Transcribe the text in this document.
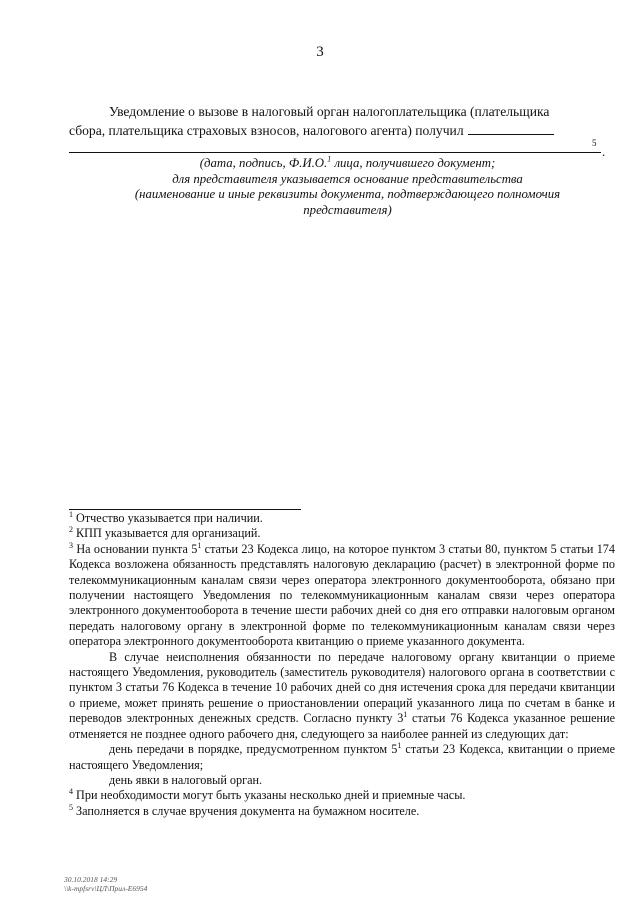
3
Уведомление о вызове в налоговый орган налогоплательщика (плательщика
сбора, плательщика страховых взносов, налогового агента) получил
5
.
(дата, подпись, Ф.И.О.$^1$ лица, получившего документ;
для представителя указывается основание представительства
(наименование и иные реквизиты документа, подтверждающего полномочия
представителя)

$^1$ Отчество указывается при наличии.

$^2$ КПП указывается для организаций.

$^3$ На основании пункта $5^1$ статьи 23 Кодекса лицо, на которое пунктом 3 статьи 80, пунктом 5 статьи 174 Кодекса возложена обязанность представлять налоговую декларацию (расчет) в электронной форме по телекоммуникационным каналам связи через оператора электронного документооборота, обязано при получении настоящего Уведомления по телекоммуникационным каналам связи через оператора электронного документооборота в течение шести рабочих дней со дня его отправки налоговым органом передать налоговому органу в электронной форме по телекоммуникационным каналам связи через оператора электронного документооборота квитанцию о приеме указанного документа.

В случае неисполнения обязанности по передаче налоговому органу квитанции о приеме настоящего Уведомления, руководитель (заместитель руководителя) налогового органа в соответствии с пунктом 3 статьи 76 Кодекса в течение 10 рабочих дней со дня истечения срока для передачи квитанции о приеме, может принять решение о приостановлении операций указанного лица по счетам в банке и переводов электронных денежных средств. Согласно пункту $3^1$ статьи 76 Кодекса указанное решение отменяется не позднее одного рабочего дня, следующего за наиболее ранней из следующих дат:

день передачи в порядке, предусмотренном пунктом $5^1$ статьи 23 Кодекса, квитанции о приеме настоящего Уведомления;

день явки в налоговый орган.

$^4$ При необходимости могут быть указаны несколько дней и приемные часы.

$^5$ Заполняется в случае вручения документа на бумажном носителе.

30.10.2018 14:29
\\k-mpfsrv\ЦЛ\Прил-Е6954
